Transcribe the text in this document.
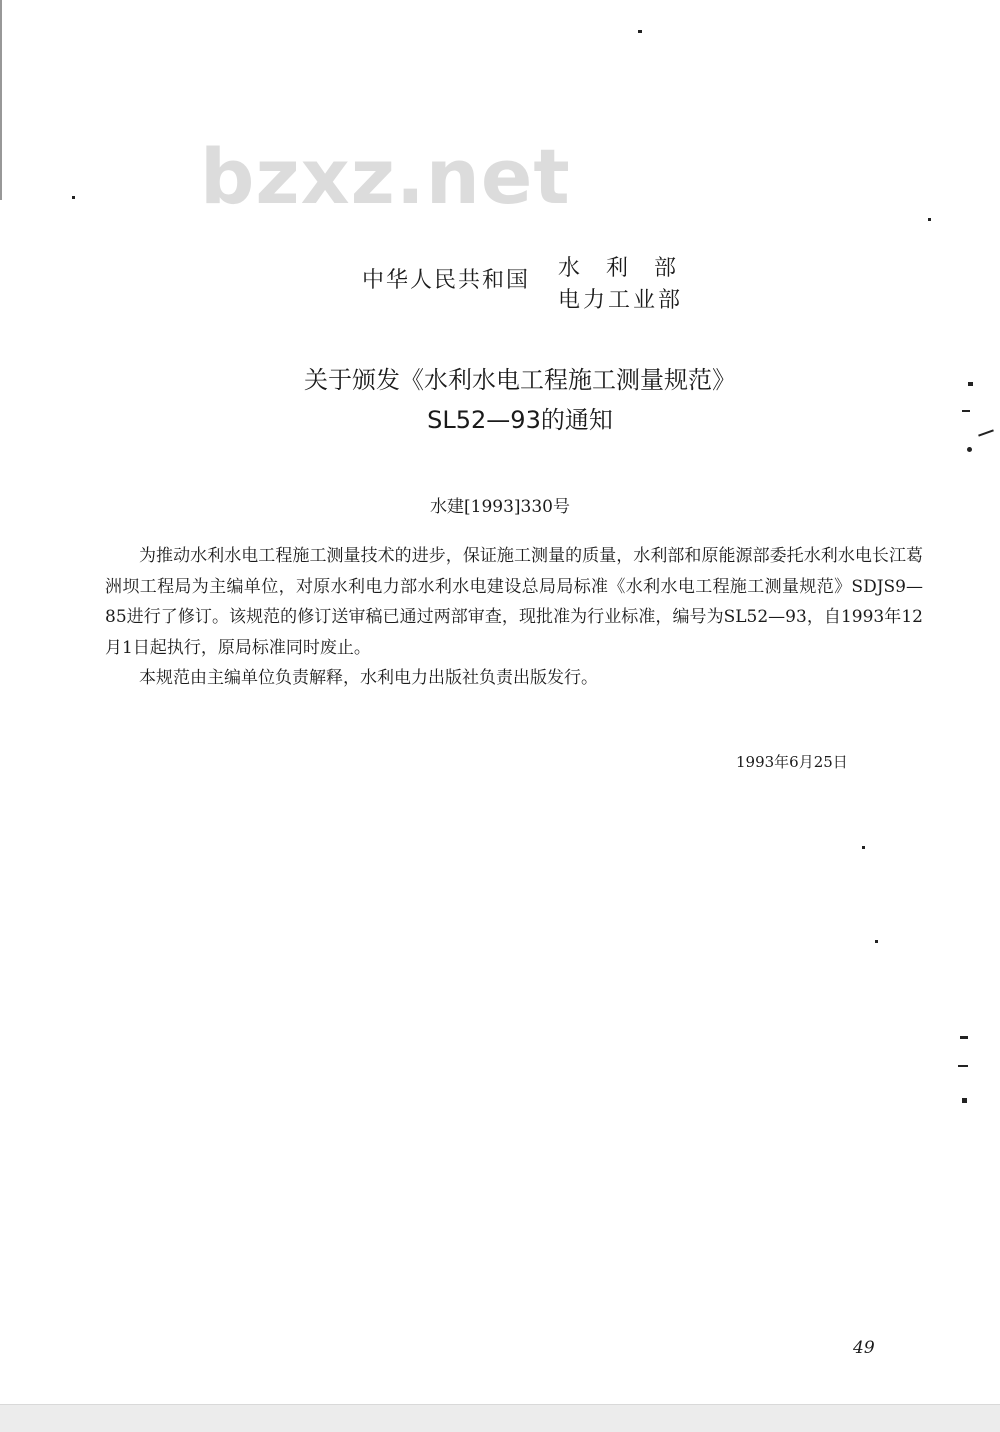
bzxz.net
中华人民共和国 水利部
电力工业部
关于颁发《水利水电工程施工测量规范》
SL52—93的通知
水建[1993]330号

为推动水利水电工程施工测量技术的进步，保证施工测量的质量，水利部和原能源部委托水利水电长江葛洲坝工程局为主编单位，对原水利电力部水利水电建设总局局标准《水利水电工程施工测量规范》SDJS9—85进行了修订。该规范的修订送审稿已通过两部审查，现批准为行业标准，编号为SL52—93，自1993年12月1日起执行，原局标准同时废止。

本规范由主编单位负责解释，水利电力出版社负责出版发行。

1993年6月25日
49
